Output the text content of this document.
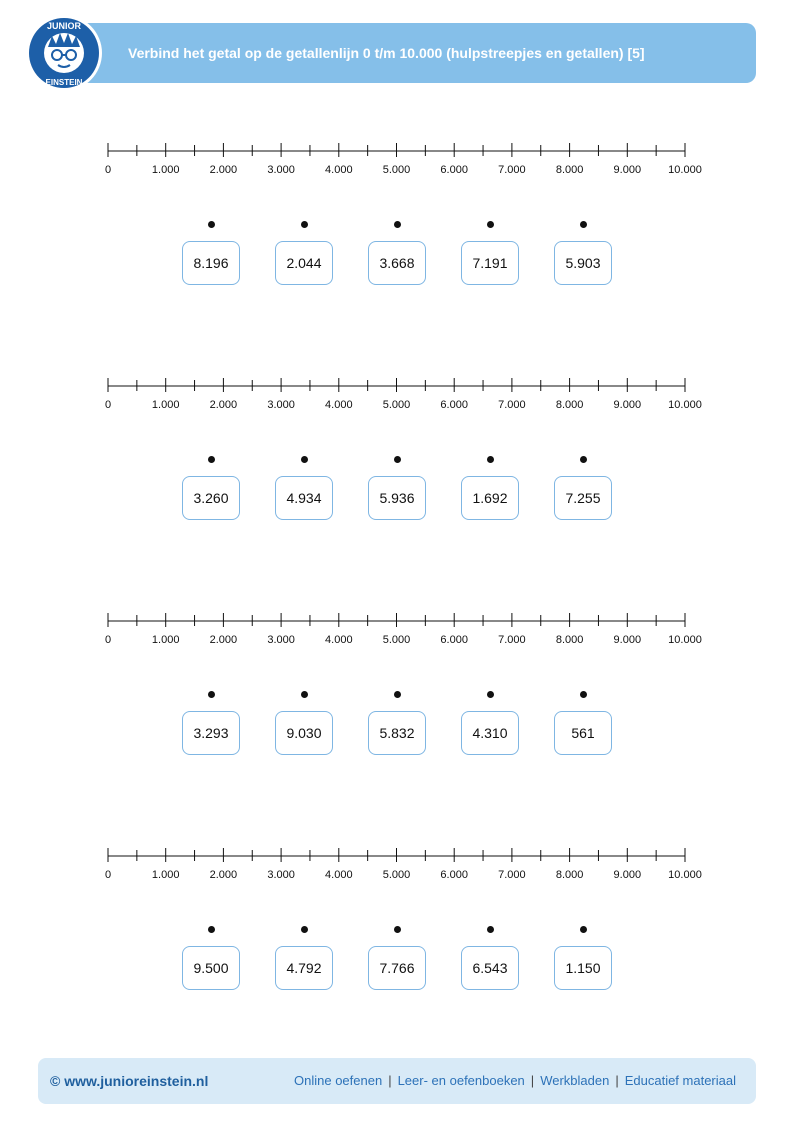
Verbind het getal op de getallenlijn 0 t/m 10.000 (hulpstreepjes en getallen) [5]
JUNIOR
EINSTEIN
0	1.000	2.000	3.000	4.000	5.000	6.000	7.000	8.000	9.000 10.000
8.196	2.044	3.668	7.191	5.903
0	1.000	2.000	3.000	4.000	5.000	6.000	7.000	8.000	9.000 10.000
3.260	4.934	5.936	1.692	7.255
0	1.000	2.000	3.000	4.000	5.000	6.000	7.000	8.000	9.000 10.000
3.293	9.030	5.832	4.310	561
0	1.000	2.000	3.000	4.000	5.000	6.000	7.000	8.000	9.000 10.000
9.500	4.792	7.766	6.543	1.150
© www.junioreinstein.nl	Online oefenen | Leer- en oefenboeken | Werkbladen | Educatief materiaal
